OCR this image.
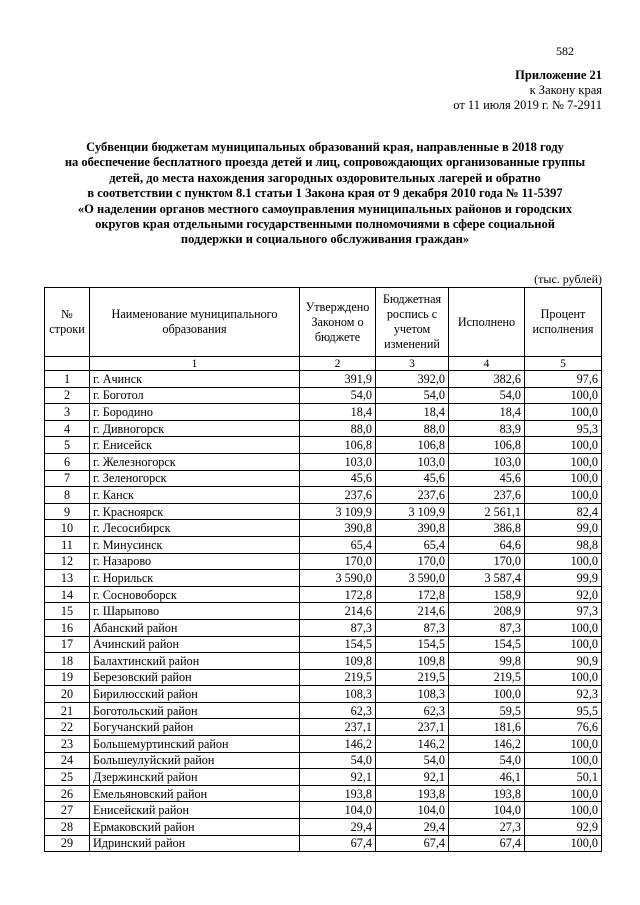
582
Приложение 21
к Закону края
от 11 июля 2019 г. № 7-2911
Субвенции бюджетам муниципальных образований края, направленные в 2018 году
на обеспечение бесплатного проезда детей и лиц, сопровождающих организованные группы
детей, до места нахождения загородных оздоровительных лагерей и обратно
в соответствии с пунктом 8.1 статьи 1 Закона края от 9 декабря 2010 года № 11-5397
«О наделении органов местного самоуправления муниципальных районов и городских
округов края отдельными государственными полномочиями в сфере социальной
поддержки и социального обслуживания граждан»
(тыс. рублей)
№ строки	Наименование муниципального образования	Утверждено Законом о бюджете	Бюджетная роспись с учетом изменений	Исполнено	Процент исполнения
	1	2	3	4	5
1	г. Ачинск	391,9	392,0	382,6	97,6
2	г. Боготол	54,0	54,0	54,0	100,0
3	г. Бородино	18,4	18,4	18,4	100,0
4	г. Дивногорск	88,0	88,0	83,9	95,3
5	г. Енисейск	106,8	106,8	106,8	100,0
6	г. Железногорск	103,0	103,0	103,0	100,0
7	г. Зеленогорск	45,6	45,6	45,6	100,0
8	г. Канск	237,6	237,6	237,6	100,0
9	г. Красноярск	3 109,9	3 109,9	2 561,1	82,4
10	г. Лесосибирск	390,8	390,8	386,8	99,0
11	г. Минусинск	65,4	65,4	64,6	98,8
12	г. Назарово	170,0	170,0	170,0	100,0
13	г. Норильск	3 590,0	3 590,0	3 587,4	99,9
14	г. Сосновоборск	172,8	172,8	158,9	92,0
15	г. Шарыпово	214,6	214,6	208,9	97,3
16	Абанский район	87,3	87,3	87,3	100,0
17	Ачинский район	154,5	154,5	154,5	100,0
18	Балахтинский район	109,8	109,8	99,8	90,9
19	Березовский район	219,5	219,5	219,5	100,0
20	Бирилюсский район	108,3	108,3	100,0	92,3
21	Боготольский район	62,3	62,3	59,5	95,5
22	Богучанский район	237,1	237,1	181,6	76,6
23	Большемуртинский район	146,2	146,2	146,2	100,0
24	Большеулуйский район	54,0	54,0	54,0	100,0
25	Дзержинский район	92,1	92,1	46,1	50,1
26	Емельяновский район	193,8	193,8	193,8	100,0
27	Енисейский район	104,0	104,0	104,0	100,0
28	Ермаковский район	29,4	29,4	27,3	92,9
29	Идринский район	67,4	67,4	67,4	100,0
